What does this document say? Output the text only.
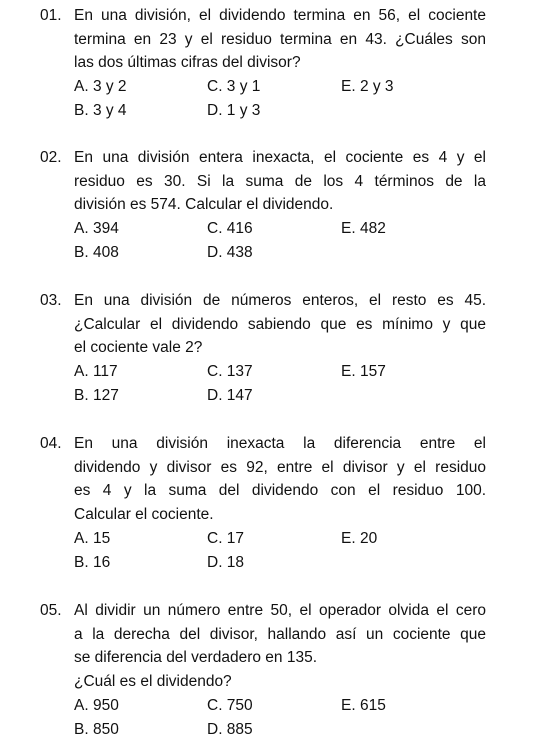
01. En una división, el dividendo termina en 56, el cociente
termina en 23 y el residuo termina en 43. ¿Cuáles son
las dos últimas cifras del divisor?
A. 3 y 2
B. 3 y 4
C. 3 y 1
D. 1 y 3
E. 2 y 3
02. En una división entera inexacta, el cociente es 4 y el
residuo es 30. Si la suma de los 4 términos de la
división es 574. Calcular el dividendo.
A. 394
B. 408
C. 416
D. 438
E. 482
03. En una división de números enteros, el resto es 45.
¿Calcular el dividendo sabiendo que es mínimo y que
el cociente vale 2?
A. 117
B. 127
C. 137
D. 147
E. 157
04. En una división inexacta la diferencia entre el
dividendo y divisor es 92, entre el divisor y el residuo
es 4 y la suma del dividendo con el residuo 100.
Calcular el cociente.
A. 15
B. 16
C. 17
D. 18
E. 20
05. Al dividir un número entre 50, el operador olvida el cero
a la derecha del divisor, hallando así un cociente que
se diferencia del verdadero en 135.
¿Cuál es el dividendo?
A. 950
B. 850
C. 750
D. 885
E. 615
